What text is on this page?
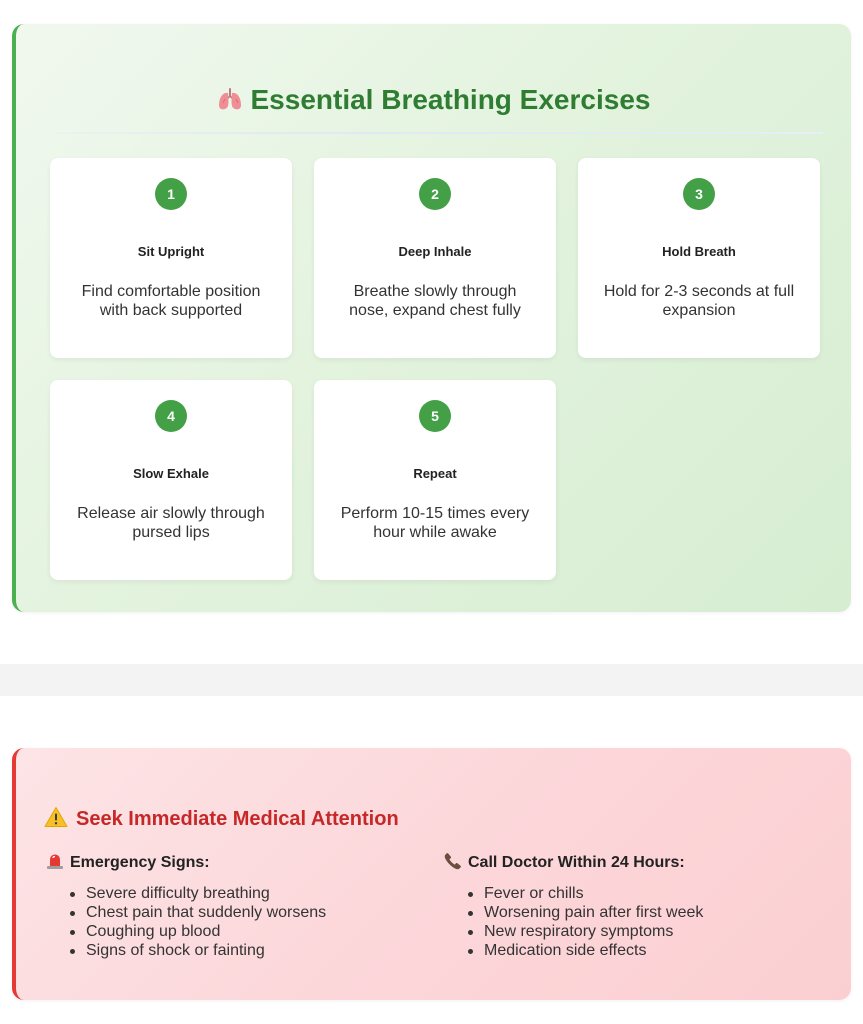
Essential Breathing Exercises
1
Sit Upright
Find comfortable position with back supported
2
Deep Inhale
Breathe slowly through nose, expand chest fully
3
Hold Breath
Hold for 2-3 seconds at full expansion
4
Slow Exhale
Release air slowly through pursed lips
5
Repeat
Perform 10-15 times every hour while awake
Seek Immediate Medical Attention
Emergency Signs:
Severe difficulty breathing
Chest pain that suddenly worsens
Coughing up blood
Signs of shock or fainting
Call Doctor Within 24 Hours:
Fever or chills
Worsening pain after first week
New respiratory symptoms
Medication side effects
